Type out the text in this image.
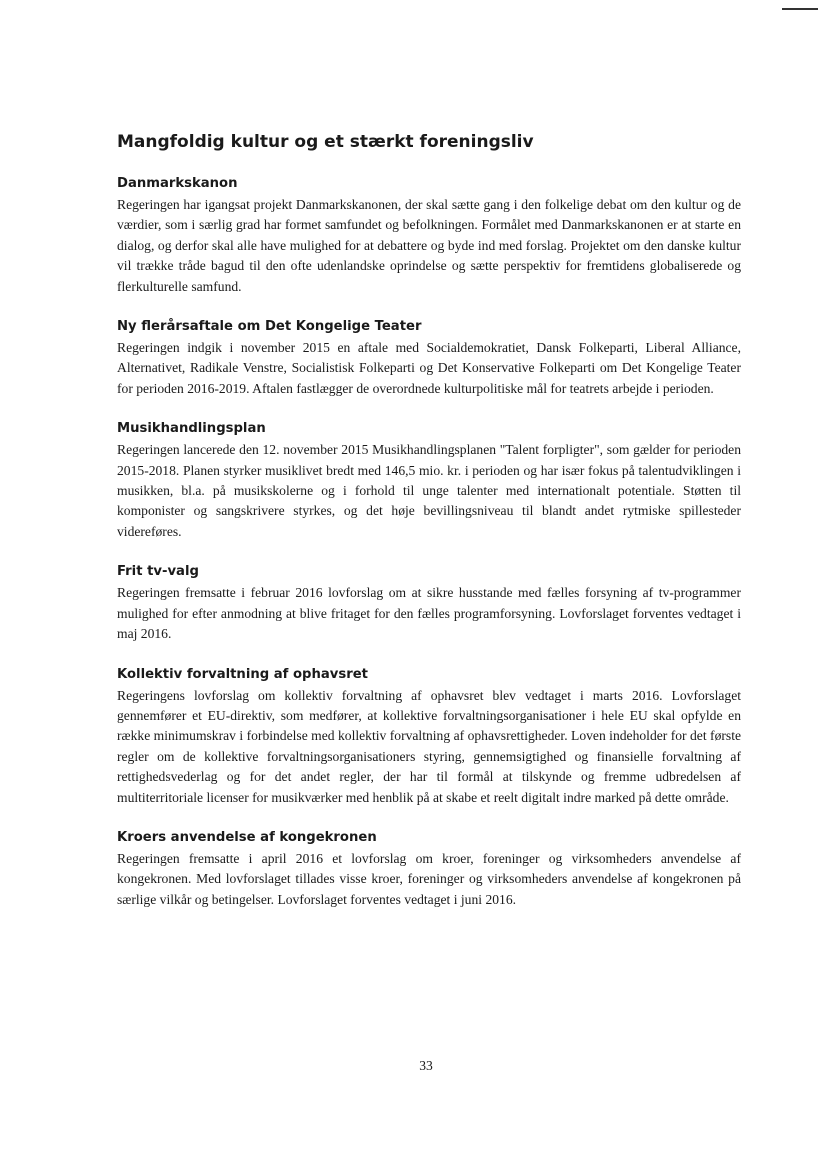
Mangfoldig kultur og et stærkt foreningsliv
Danmarkskanon

Regeringen har igangsat projekt Danmarkskanonen, der skal sætte gang i den folkelige debat om den kultur og de værdier, som i særlig grad har formet samfundet og befolkningen. Formålet med Danmarkskanonen er at starte en dialog, og derfor skal alle have mulighed for at debattere og byde ind med forslag. Projektet om den danske kultur vil trække tråde bagud til den ofte udenlandske oprindelse og sætte perspektiv for fremtidens globaliserede og flerkulturelle samfund.

Ny flerårsaftale om Det Kongelige Teater

Regeringen indgik i november 2015 en aftale med Socialdemokratiet, Dansk Folkeparti, Liberal Alliance, Alternativet, Radikale Venstre, Socialistisk Folkeparti og Det Konservative Folkeparti om Det Kongelige Teater for perioden 2016-2019. Aftalen fastlægger de overordnede kulturpolitiske mål for teatrets arbejde i perioden.

Musikhandlingsplan

Regeringen lancerede den 12. november 2015 Musikhandlingsplanen "Talent forpligter", som gælder for perioden 2015-2018. Planen styrker musiklivet bredt med 146,5 mio. kr. i perioden og har især fokus på talentudviklingen i musikken, bl.a. på musikskolerne og i forhold til unge talenter med internationalt potentiale. Støtten til komponister og sangskrivere styrkes, og det høje bevillingsniveau til blandt andet rytmiske spillesteder videreføres.

Frit tv-valg

Regeringen fremsatte i februar 2016 lovforslag om at sikre husstande med fælles forsyning af tv-programmer mulighed for efter anmodning at blive fritaget for den fælles programforsyning. Lovforslaget forventes vedtaget i maj 2016.

Kollektiv forvaltning af ophavsret

Regeringens lovforslag om kollektiv forvaltning af ophavsret blev vedtaget i marts 2016. Lovforslaget gennemfører et EU-direktiv, som medfører, at kollektive forvaltningsorganisationer i hele EU skal opfylde en række minimumskrav i forbindelse med kollektiv forvaltning af ophavsrettigheder. Loven indeholder for det første regler om de kollektive forvaltningsorganisationers styring, gennemsigtighed og finansielle forvaltning af rettighedsvederlag og for det andet regler, der har til formål at tilskynde og fremme udbredelsen af multiterritoriale licenser for musikværker med henblik på at skabe et reelt digitalt indre marked på dette område.

Kroers anvendelse af kongekronen

Regeringen fremsatte i april 2016 et lovforslag om kroer, foreninger og virksomheders anvendelse af kongekronen. Med lovforslaget tillades visse kroer, foreninger og virksomheders anvendelse af kongekronen på særlige vilkår og betingelser. Lovforslaget forventes vedtaget i juni 2016.

33
